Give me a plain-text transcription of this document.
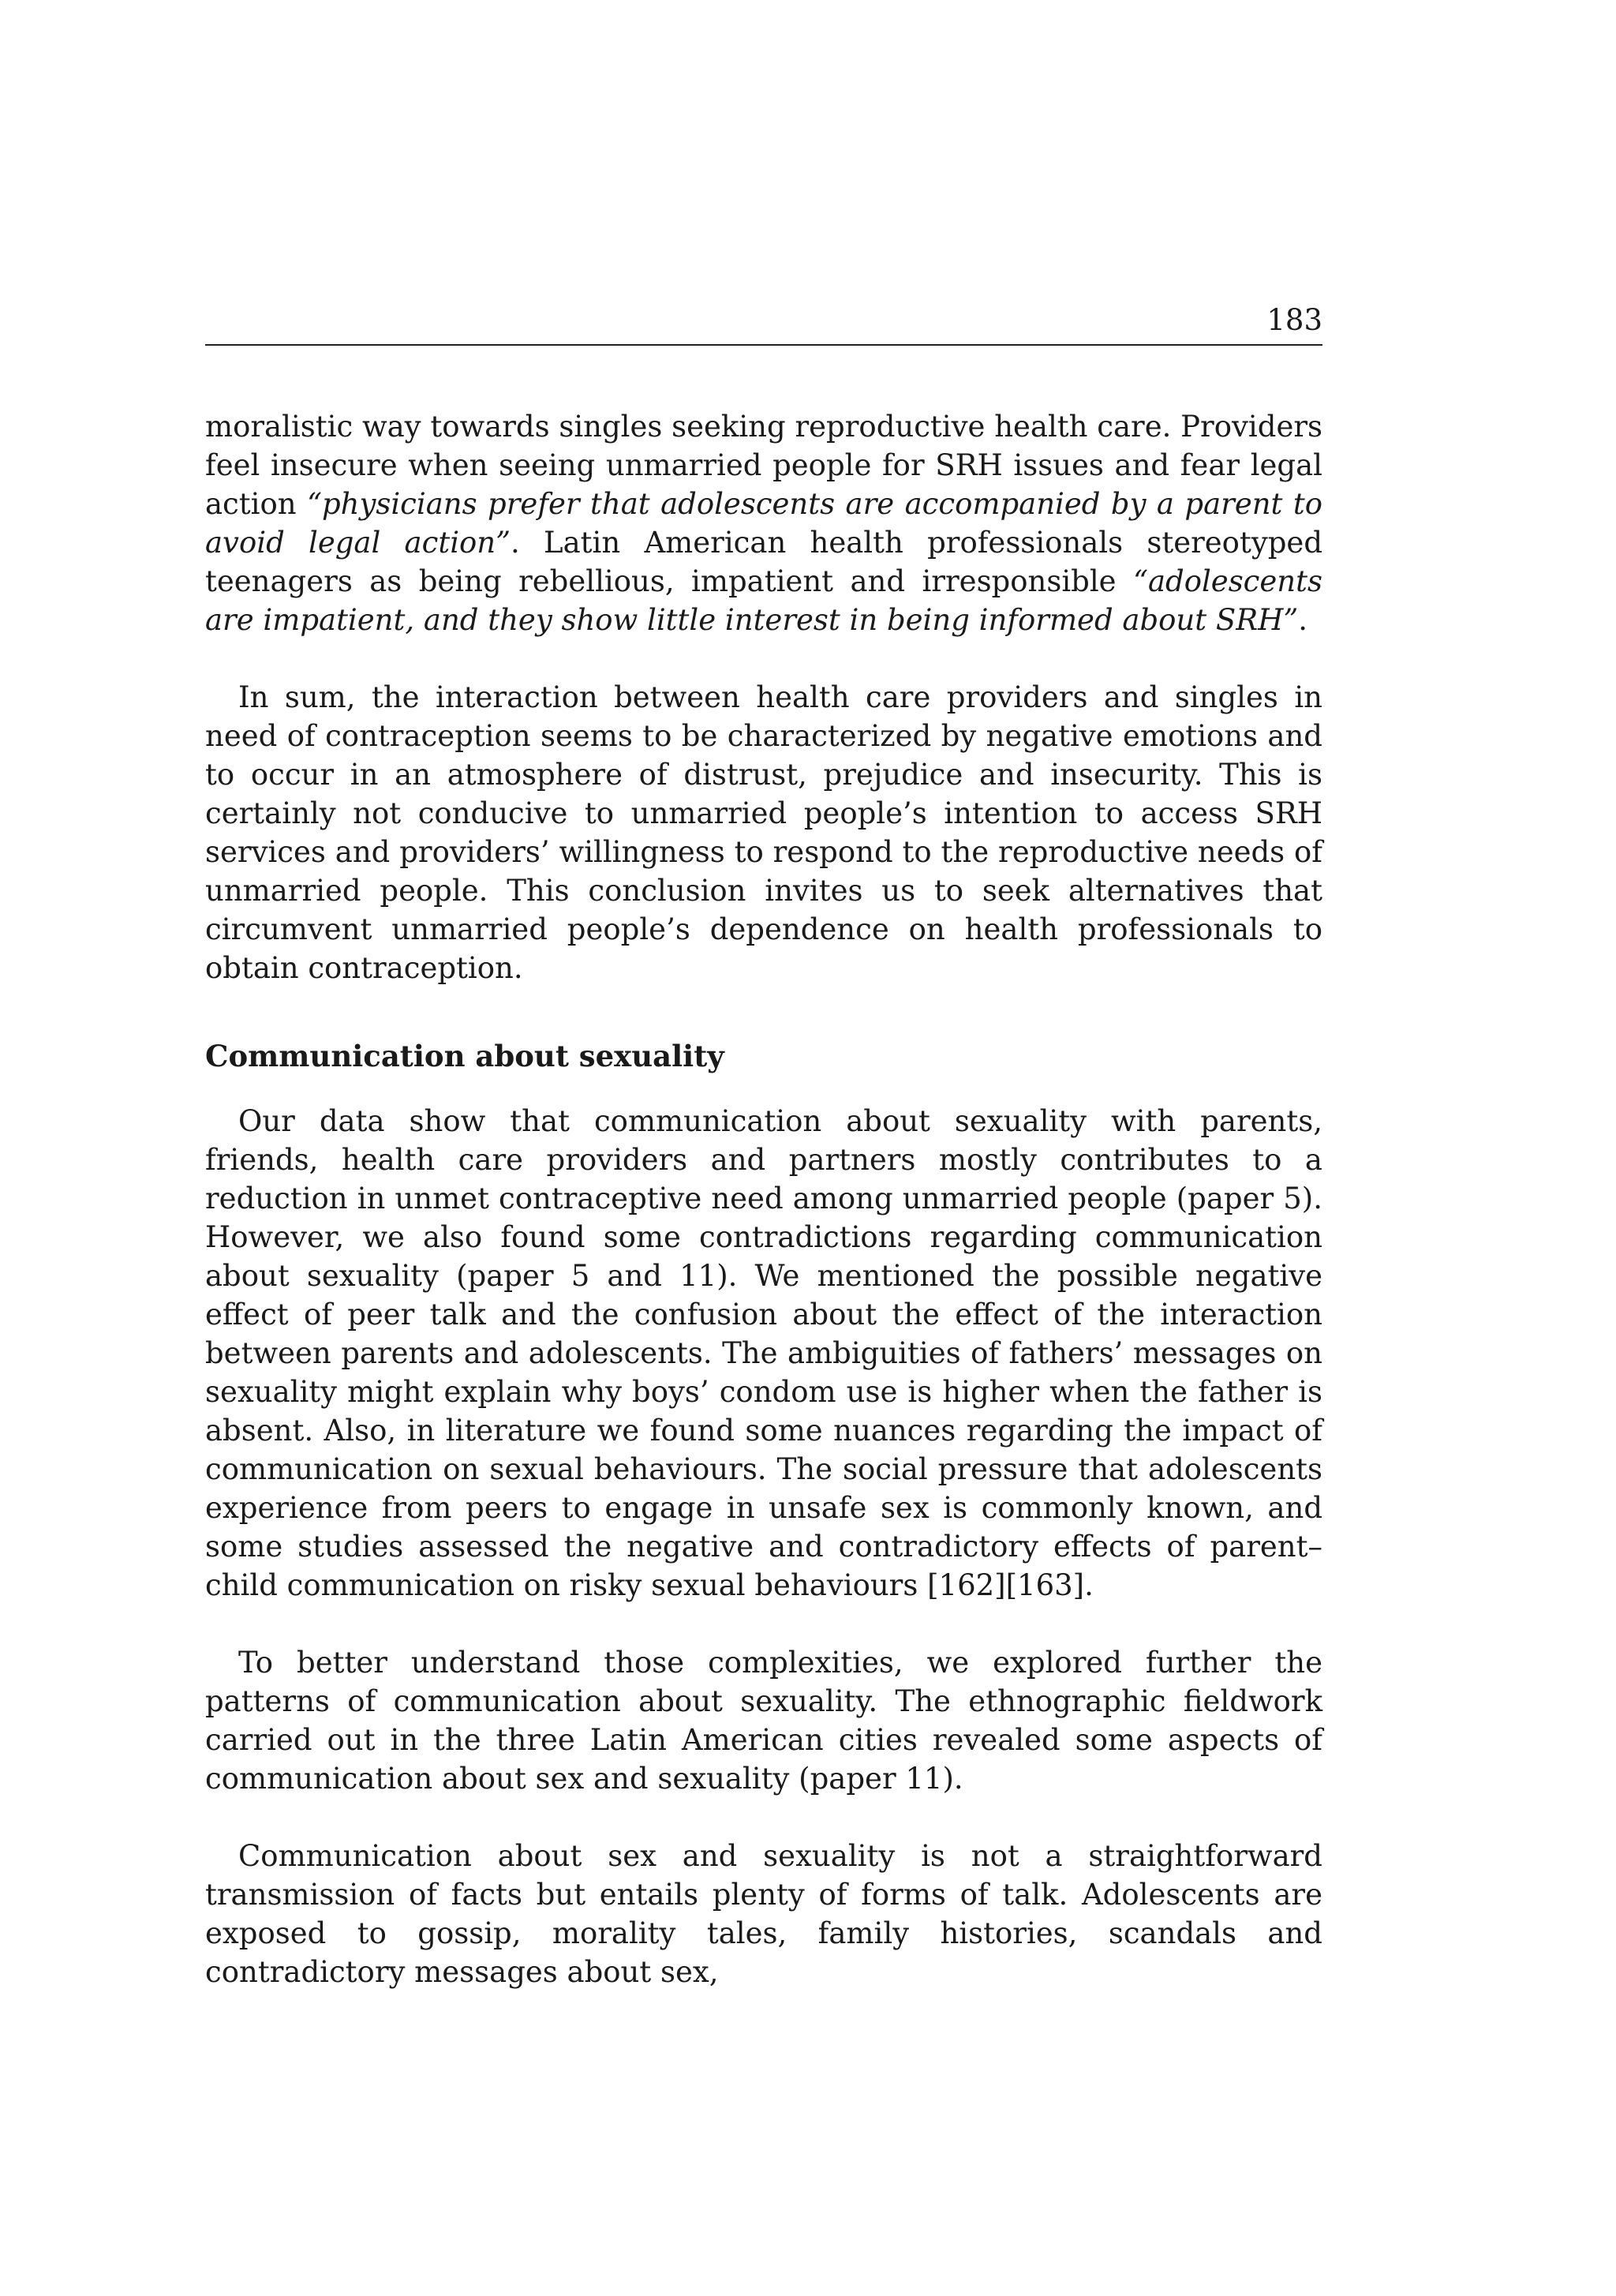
183

moralistic way towards singles seeking reproductive health care. Providers feel insecure when seeing unmarried people for SRH issues and fear legal action “physicians prefer that adolescents are accompanied by a parent to avoid legal action”. Latin American health professionals stereotyped teenagers as being rebellious, impatient and irresponsible “adolescents are impatient, and they show little interest in being informed about SRH”.

In sum, the interaction between health care providers and singles in need of contraception seems to be characterized by negative emotions and to occur in an atmosphere of distrust, prejudice and insecurity. This is certainly not conducive to unmarried people’s intention to access SRH services and providers’ willingness to respond to the reproductive needs of unmarried people. This conclusion invites us to seek alternatives that circumvent unmarried people’s dependence on health professionals to obtain contraception.

Communication about sexuality

Our data show that communication about sexuality with parents, friends, health care providers and partners mostly contributes to a reduction in unmet contraceptive need among unmarried people (paper 5). However, we also found some contradictions regarding communication about sexuality (paper 5 and 11). We mentioned the possible negative effect of peer talk and the confusion about the effect of the interaction between parents and adolescents. The ambiguities of fathers’ messages on sexuality might explain why boys’ condom use is higher when the father is absent. Also, in literature we found some nuances regarding the impact of communication on sexual behaviours. The social pressure that adolescents experience from peers to engage in unsafe sex is commonly known, and some studies assessed the negative and contradictory effects of parent–child communication on risky sexual behaviours [162][163].

To better understand those complexities, we explored further the patterns of communication about sexuality. The ethnographic fieldwork carried out in the three Latin American cities revealed some aspects of communication about sex and sexuality (paper 11).

Communication about sex and sexuality is not a straightforward transmission of facts but entails plenty of forms of talk. Adolescents are exposed to gossip, morality tales, family histories, scandals and contradictory messages about sex,
